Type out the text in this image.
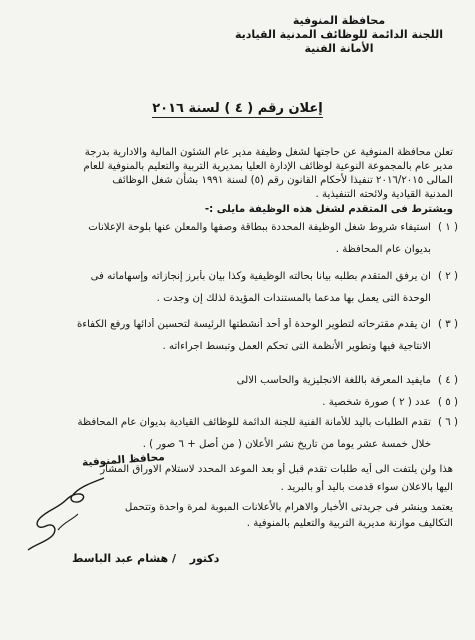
محافظة المنوفية
اللجنة الدائمة للوظائف المدنية القيادية
الأمانة الفنية
إعلان رقم ( ٤ ) لسنة ٢٠١٦
تعلن محافظة المنوفية عن حاجتها لشغل وظيفة مدير عام الشئون المالية والادارية بدرجة
مدير عام بالمجموعة النوعية لوظائف الإدارة العليا بمديرية التربية والتعليم بالمنوفية للعام
المالى ٢٠١٦/٢٠١٥ تنفيذا لأحكام القانون رقم (٥) لسنة ١٩٩١ بشأن شغل الوظائف
المدنية القيادية ولائحته التنفيذية .
ويشترط فى المتقدم لشغل هذه الوظيفة مايلى :-
( ١ )
استيفاء شروط شغل الوظيفة المحددة ببطاقة وصفها والمعلن عنها بلوحة الإعلانات
بديوان عام المحافظة .
( ٢ )
ان يرفق المتقدم بطلبه بيانا بحالته الوظيفية وكذا بيان بأبرز إنجازاته وإسهاماته فى
الوحدة التى يعمل بها مدعما بالمستندات المؤيدة لذلك إن وجدت .
( ٣ )
ان يقدم مقترحاته لتطوير الوحدة أو أحد أنشطتها الرئيسة لتحسين أدائها ورفع الكفاءة
الانتاجية فيها وتطوير الأنظمة التى تحكم العمل وتبسط اجراءاته .
( ٤ )
مايفيد المعرفة باللغة الانجليزية والحاسب الالى
( ٥ )
عدد ( ٢ ) صورة شخصية .
( ٦ )
تقدم الطلبات باليد للأمانة الفنية للجنة الدائمة للوظائف القيادية بديوان عام المحافظة
خلال خمسة عشر يوما من تاريخ نشر الأعلان ( من أصل + ٦ صور ) .
هذا ولن يلتفت الى أيه طلبات تقدم قبل أو بعد الموعد المحدد لاستلام الاوراق المشار
اليها بالاعلان سواء قدمت باليد أو بالبريد .
يعتمد وينشر فى جريدتى الأخبار والاهرام بالأعلانات المبوبة لمرة واحدة وتتحمل
التكاليف موازنة مديرية التربية والتعليم بالمنوفية .
محافظ المنوفية
دكتور  / هشام عبد الباسط
